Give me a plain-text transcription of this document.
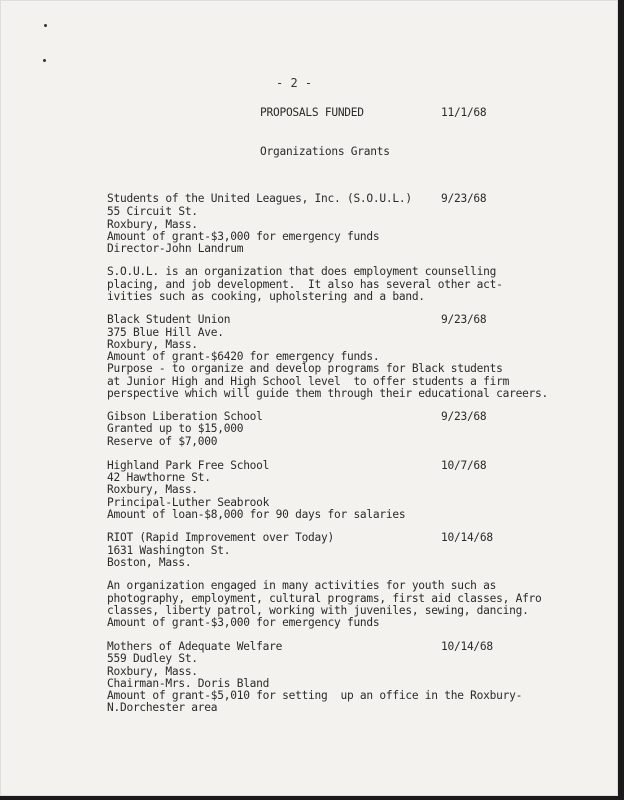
- 2 -
PROPOSALS FUNDED	11/1/68
Organizations Grants
9/23/68
Students of the United Leagues, Inc. (S.O.U.L.)
55 Circuit St.
Roxbury, Mass.
Amount of grant-$3,000 for emergency funds
Director-John Landrum
S.O.U.L. is an organization that does employment counselling
placing, and job development.  It also has several other act-
ivities such as cooking, upholstering and a band.
9/23/68
Black Student Union
375 Blue Hill Ave.
Roxbury, Mass.
Amount of grant-$6420 for emergency funds.
Purpose - to organize and develop programs for Black students
at Junior High and High School level  to offer students a firm
perspective which will guide them through their educational careers.
9/23/68
Gibson Liberation School
Granted up to $15,000
Reserve of $7,000
10/7/68
Highland Park Free School
42 Hawthorne St.
Roxbury, Mass.
Principal-Luther Seabrook
Amount of loan-$8,000 for 90 days for salaries
10/14/68
RIOT (Rapid Improvement over Today)
1631 Washington St.
Boston, Mass.
An organization engaged in many activities for youth such as
photography, employment, cultural programs, first aid classes, Afro
classes, liberty patrol, working with juveniles, sewing, dancing.
Amount of grant-$3,000 for emergency funds
10/14/68
Mothers of Adequate Welfare
559 Dudley St.
Roxbury, Mass.
Chairman-Mrs. Doris Bland
Amount of grant-$5,010 for setting  up an office in the Roxbury-
N.Dorchester area
